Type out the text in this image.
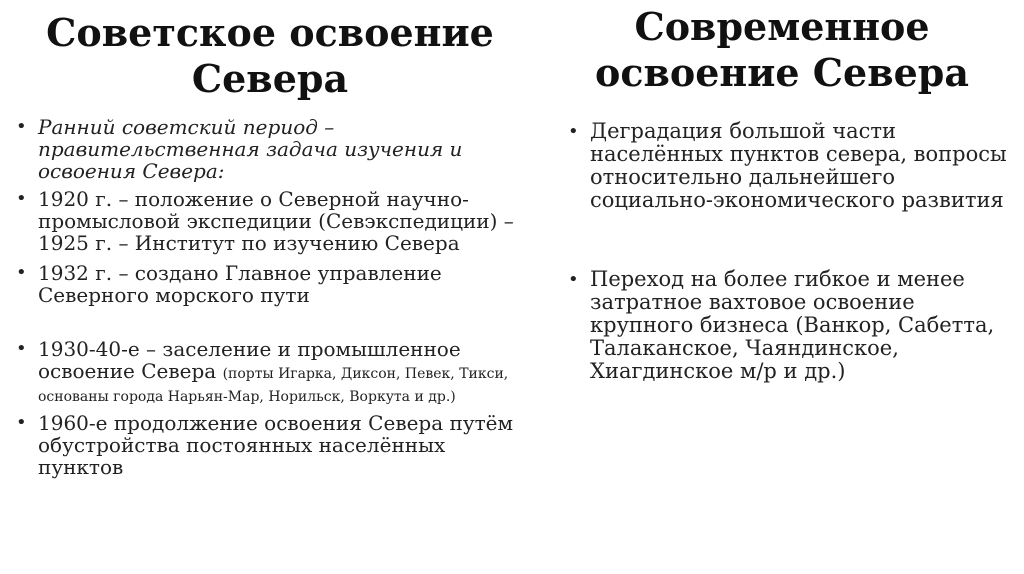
Советское освоение Севера
• Ранний советский период – правительственная задача изучения и освоения Севера:
• 1920 г. – положение о Северной научно-промысловой экспедиции (Севэкспедиции) – 1925 г. – Институт по изучению Севера
• 1932 г. – создано Главное управление Северного морского пути
• 1930-40-е – заселение и промышленное освоение Севера (порты Игарка, Диксон, Певек, Тикси, основаны города Нарьян-Мар, Норильск, Воркута и др.)
• 1960-е продолжение освоения Севера путём обустройства постоянных населённых пунктов
Современное освоение Севера
• Деградация большой части населённых пунктов севера, вопросы относительно дальнейшего социально-экономического развития
• Переход на более гибкое и менее затратное вахтовое освоение крупного бизнеса (Ванкор, Сабетта, Талаканское, Чаяндинское, Хиагдинское м/р и др.)
